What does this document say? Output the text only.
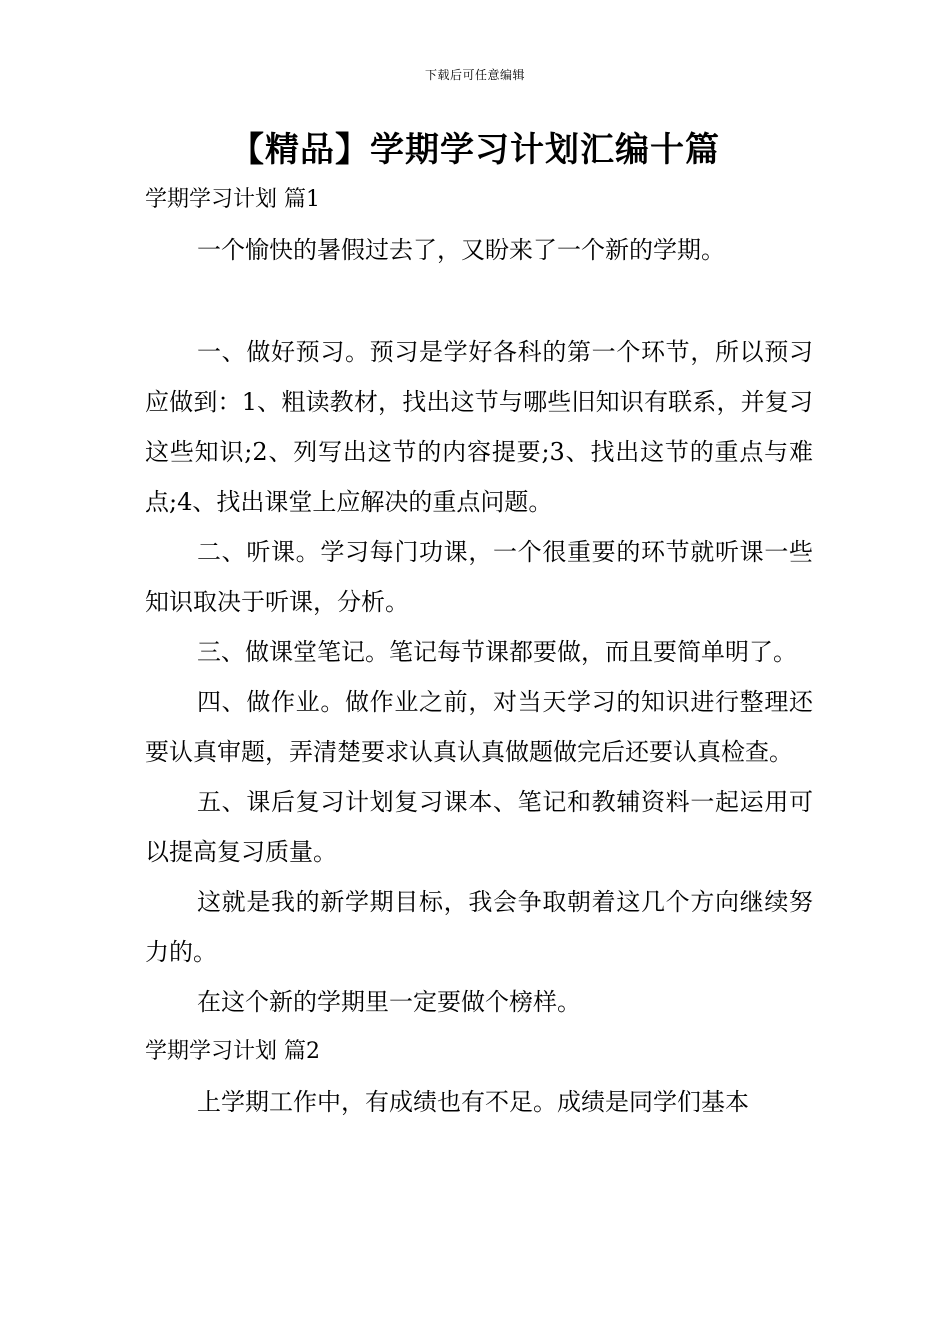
下载后可任意编辑
【精品】学期学习计划汇编十篇
学期学习计划 篇1

一个愉快的暑假过去了，又盼来了一个新的学期。

一、做好预习。预习是学好各科的第一个环节，所以预习应做到：1、粗读教材，找出这节与哪些旧知识有联系，并复习这些知识;2、列写出这节的内容提要;3、找出这节的重点与难点;4、找出课堂上应解决的重点问题。

二、听课。学习每门功课，一个很重要的环节就听课一些知识取决于听课，分析。

三、做课堂笔记。笔记每节课都要做，而且要简单明了。

四、做作业。做作业之前，对当天学习的知识进行整理还要认真审题，弄清楚要求认真认真做题做完后还要认真检查。

五、课后复习计划复习课本、笔记和教辅资料一起运用可以提高复习质量。

这就是我的新学期目标，我会争取朝着这几个方向继续努力的。

在这个新的学期里一定要做个榜样。

学期学习计划 篇2

上学期工作中，有成绩也有不足。成绩是同学们基本
